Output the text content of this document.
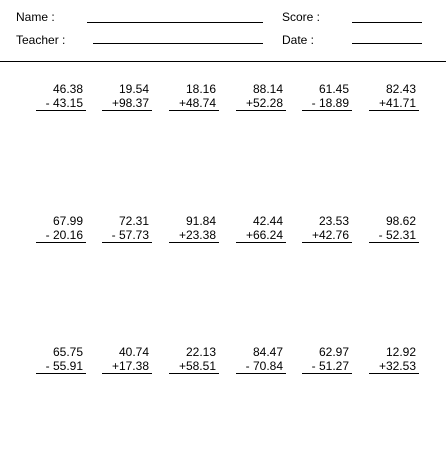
Name :	Score :
Teacher :	Date :
46.38
- 43.15
19.54
+98.37
18.16
+48.74
88.14
+52.28
61.45
- 18.89
82.43
+41.71
67.99
- 20.16
72.31
- 57.73
91.84
+23.38
42.44
+66.24
23.53
+42.76
98.62
- 52.31
65.75
- 55.91
40.74
+17.38
22.13
+58.51
84.47
- 70.84
62.97
- 51.27
12.92
+32.53
